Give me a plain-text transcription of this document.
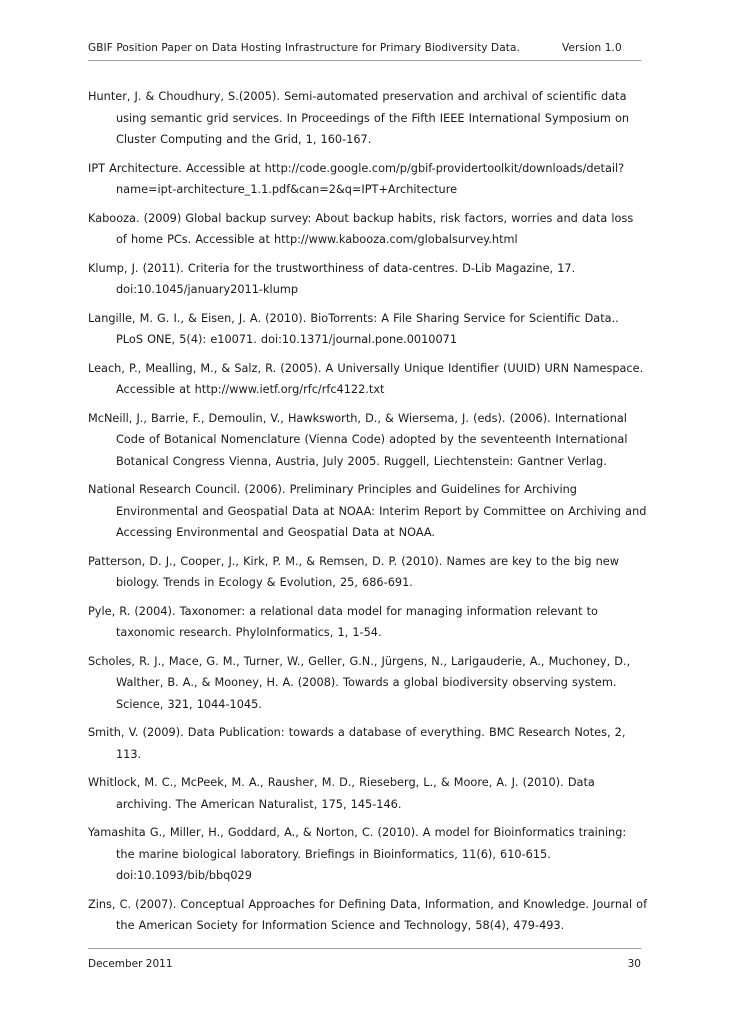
GBIF Position Paper on Data Hosting Infrastructure for Primary Biodiversity Data.	Version 1.0
Hunter, J. & Choudhury, S.(2005). Semi-automated preservation and archival of scientific data using semantic grid services. In Proceedings of the Fifth IEEE International Symposium on Cluster Computing and the Grid, 1, 160-167.
IPT Architecture. Accessible at http://code.google.com/p/gbif-providertoolkit/downloads/detail?name=ipt-architecture_1.1.pdf&can=2&q=IPT+Architecture
Kabooza. (2009) Global backup survey: About backup habits, risk factors, worries and data loss of home PCs. Accessible at http://www.kabooza.com/globalsurvey.html
Klump, J. (2011). Criteria for the trustworthiness of data-centres. D-Lib Magazine, 17. doi:10.1045/january2011-klump
Langille, M. G. I., & Eisen, J. A. (2010). BioTorrents: A File Sharing Service for Scientific Data.. PLoS ONE, 5(4): e10071. doi:10.1371/journal.pone.0010071
Leach, P., Mealling, M., & Salz, R. (2005). A Universally Unique Identifier (UUID) URN Namespace. Accessible at http://www.ietf.org/rfc/rfc4122.txt
McNeill, J., Barrie, F., Demoulin, V., Hawksworth, D., & Wiersema, J. (eds). (2006). International Code of Botanical Nomenclature (Vienna Code) adopted by the seventeenth International Botanical Congress Vienna, Austria, July 2005. Ruggell, Liechtenstein: Gantner Verlag.
National Research Council. (2006). Preliminary Principles and Guidelines for Archiving Environmental and Geospatial Data at NOAA: Interim Report by Committee on Archiving and Accessing Environmental and Geospatial Data at NOAA.
Patterson, D. J., Cooper, J., Kirk, P. M., & Remsen, D. P. (2010). Names are key to the big new biology. Trends in Ecology & Evolution, 25, 686-691.
Pyle, R. (2004). Taxonomer: a relational data model for managing information relevant to taxonomic research. PhyloInformatics, 1, 1-54.
Scholes, R. J., Mace, G. M., Turner, W., Geller, G.N., Jürgens, N., Larigauderie, A., Muchoney, D., Walther, B. A., & Mooney, H. A. (2008). Towards a global biodiversity observing system. Science, 321, 1044-1045.
Smith, V. (2009). Data Publication: towards a database of everything. BMC Research Notes, 2, 113.
Whitlock, M. C., McPeek, M. A., Rausher, M. D., Rieseberg, L., & Moore, A. J. (2010). Data archiving. The American Naturalist, 175, 145-146.
Yamashita G., Miller, H., Goddard, A., & Norton, C. (2010). A model for Bioinformatics training: the marine biological laboratory. Briefings in Bioinformatics, 11(6), 610-615. doi:10.1093/bib/bbq029
Zins, C. (2007). Conceptual Approaches for Defining Data, Information, and Knowledge. Journal of the American Society for Information Science and Technology, 58(4), 479-493.
December 2011	30
